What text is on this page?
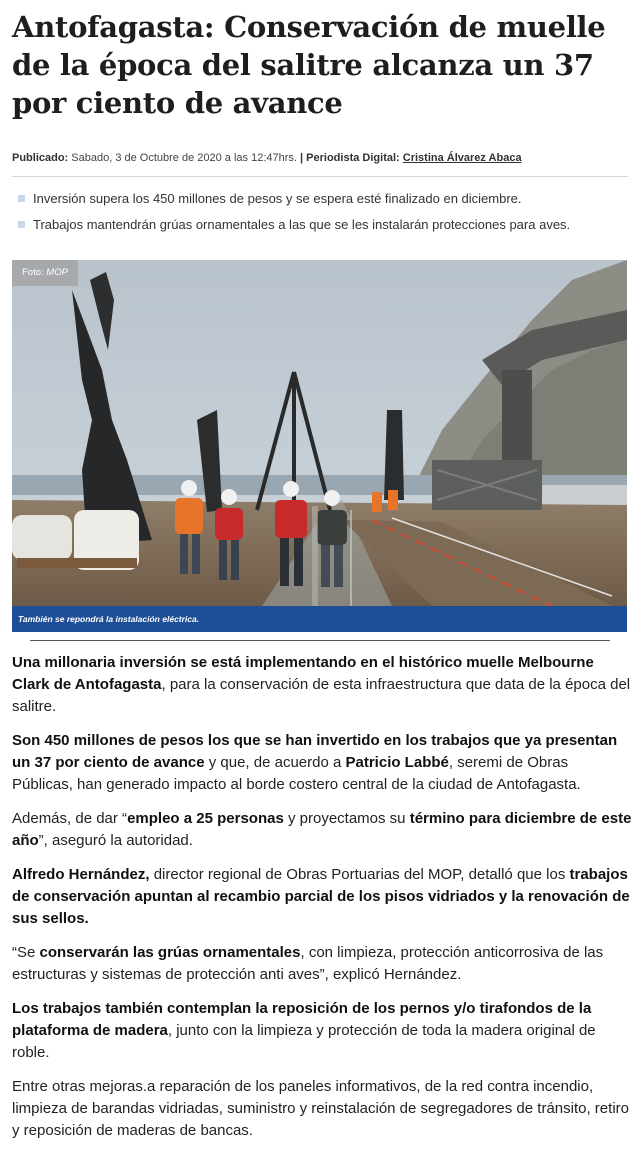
Antofagasta: Conservación de muelle de la época del salitre alcanza un 37 por ciento de avance
Publicado: Sabado, 3 de Octubre de 2020 a las 12:47hrs. | Periodista Digital: Cristina Álvarez Abaca
Inversión supera los 450 millones de pesos y se espera esté finalizado en diciembre.
Trabajos mantendrán grúas ornamentales a las que se les instalarán protecciones para aves.
Foto: MOP
También se repondrá la instalación eléctrica.

Una millonaria inversión se está implementando en el histórico muelle Melbourne Clark de Antofagasta, para la conservación de esta infraestructura que data de la época del salitre.

Son 450 millones de pesos los que se han invertido en los trabajos que ya presentan un 37 por ciento de avance y que, de acuerdo a Patricio Labbé, seremi de Obras Públicas, han generado impacto al borde costero central de la ciudad de Antofagasta.

Además, de dar “empleo a 25 personas y proyectamos su término para diciembre de este año”, aseguró la autoridad.

Alfredo Hernández, director regional de Obras Portuarias del MOP, detalló que los trabajos de conservación apuntan al recambio parcial de los pisos vidriados y la renovación de sus sellos.

“Se conservarán las grúas ornamentales, con limpieza, protección anticorrosiva de las estructuras y sistemas de protección anti aves”, explicó Hernández.

Los trabajos también contemplan la reposición de los pernos y/o tirafondos de la plataforma de madera, junto con la limpieza y protección de toda la madera original de roble.

Entre otras mejoras.a reparación de los paneles informativos, de la red contra incendio, limpieza de barandas vidriadas, suministro y reinstalación de segregadores de tránsito, retiro y reposición de maderas de bancas.
